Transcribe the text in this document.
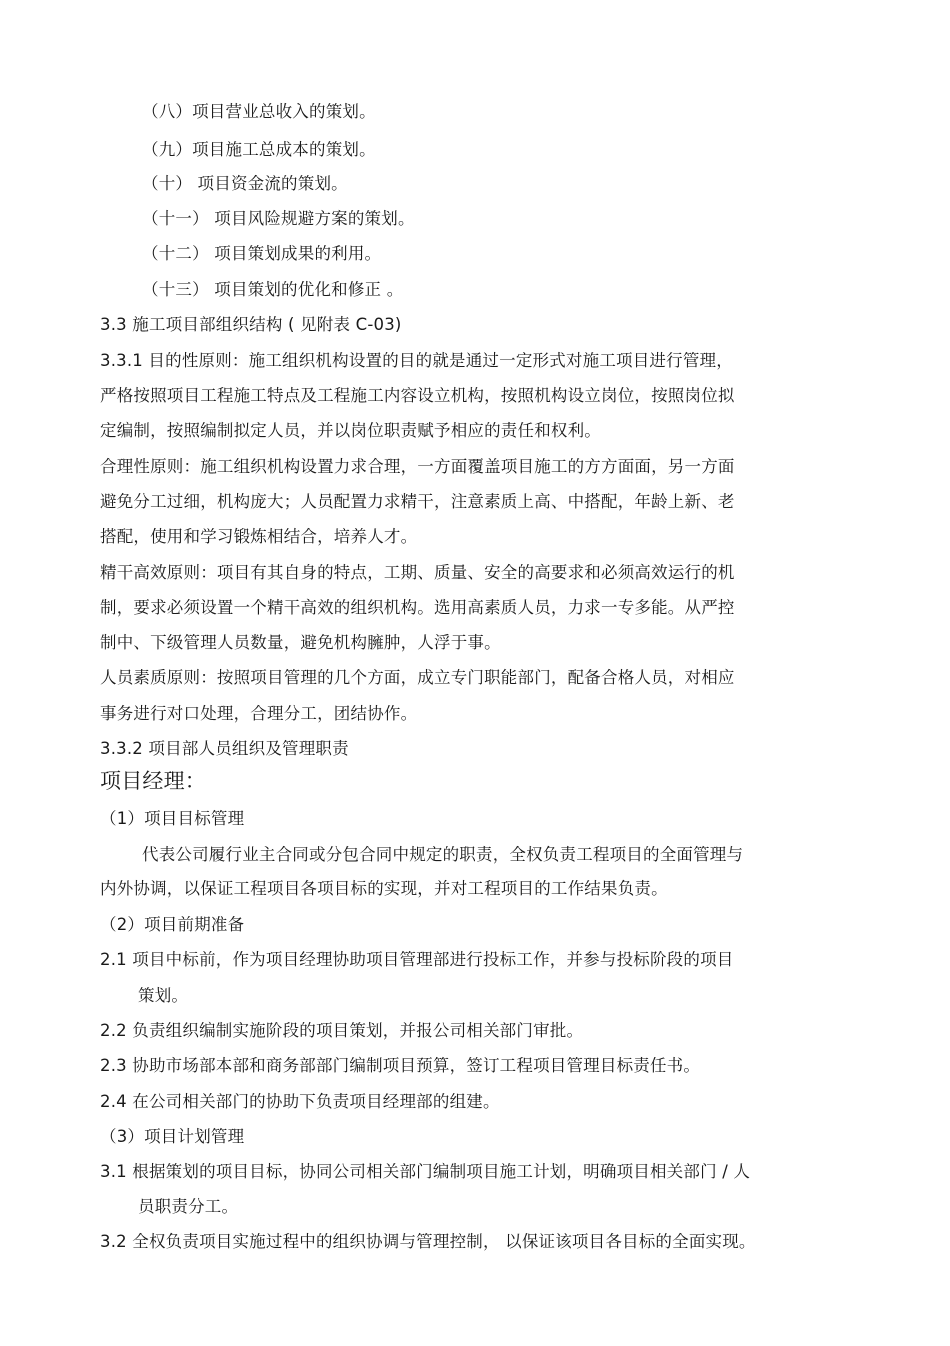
（八）项目营业总收入的策划。
（九）项目施工总成本的策划。
（十） 项目资金流的策划。
（十一） 项目风险规避方案的策划。
（十二） 项目策划成果的利用。
（十三） 项目策划的优化和修正 。
3.3 施工项目部组织结构 ( 见附表 C-03)
3.3.1 目的性原则：施工组织机构设置的目的就是通过一定形式对施工项目进行管理，
严格按照项目工程施工特点及工程施工内容设立机构，按照机构设立岗位，按照岗位拟
定编制，按照编制拟定人员，并以岗位职责赋予相应的责任和权利。
合理性原则：施工组织机构设置力求合理，一方面覆盖项目施工的方方面面，另一方面
避免分工过细，机构庞大；人员配置力求精干，注意素质上高、中搭配，年龄上新、老
搭配，使用和学习锻炼相结合，培养人才。
精干高效原则：项目有其自身的特点，工期、质量、安全的高要求和必须高效运行的机
制，要求必须设置一个精干高效的组织机构。选用高素质人员，力求一专多能。从严控
制中、下级管理人员数量，避免机构臃肿，人浮于事。
人员素质原则：按照项目管理的几个方面，成立专门职能部门，配备合格人员，对相应
事务进行对口处理，合理分工，团结协作。
3.3.2 项目部人员组织及管理职责
项目经理：
（1）项目目标管理
代表公司履行业主合同或分包合同中规定的职责，全权负责工程项目的全面管理与
内外协调，以保证工程项目各项目标的实现，并对工程项目的工作结果负责。
（2）项目前期准备
2.1 项目中标前，作为项目经理协助项目管理部进行投标工作，并参与投标阶段的项目
策划。
2.2 负责组织编制实施阶段的项目策划，并报公司相关部门审批。
2.3 协助市场部本部和商务部部门编制项目预算，签订工程项目管理目标责任书。
2.4 在公司相关部门的协助下负责项目经理部的组建。
（3）项目计划管理
3.1 根据策划的项目目标，协同公司相关部门编制项目施工计划，明确项目相关部门 / 人
员职责分工。
3.2 全权负责项目实施过程中的组织协调与管理控制， 以保证该项目各目标的全面实现。
